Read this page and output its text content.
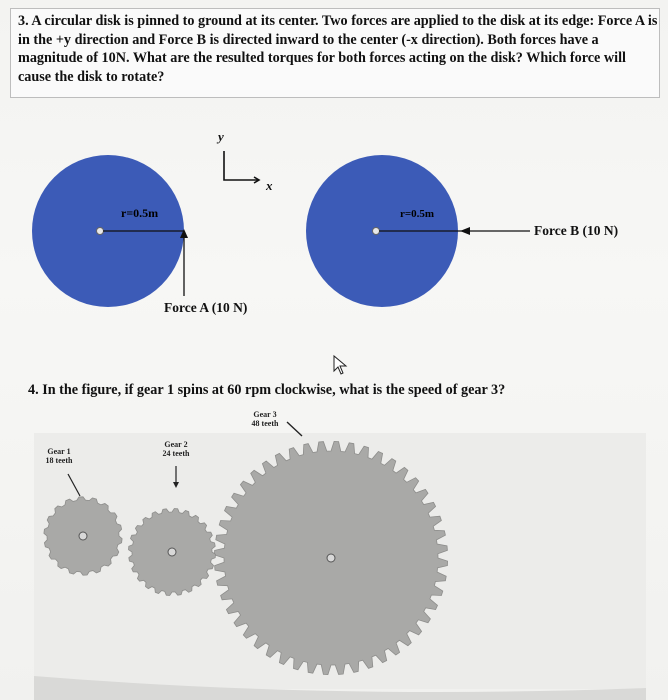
3. A circular disk is pinned to ground at its center. Two forces are applied to the disk at its edge: Force A is in the +y direction and Force B is directed inward to the center (-x direction). Both forces have a magnitude of 10N. What are the resulted torques for both forces acting on the disk? Which force will cause the disk to rotate?
y
x
r=0.5m	r=0.5m
Force A (10 N)
Force B (10 N)
4. In the figure, if gear 1 spins at 60 rpm clockwise, what is the speed of gear 3?
Gear 1
18 teeth
Gear 2
24 teeth
Gear 3
48 teeth
